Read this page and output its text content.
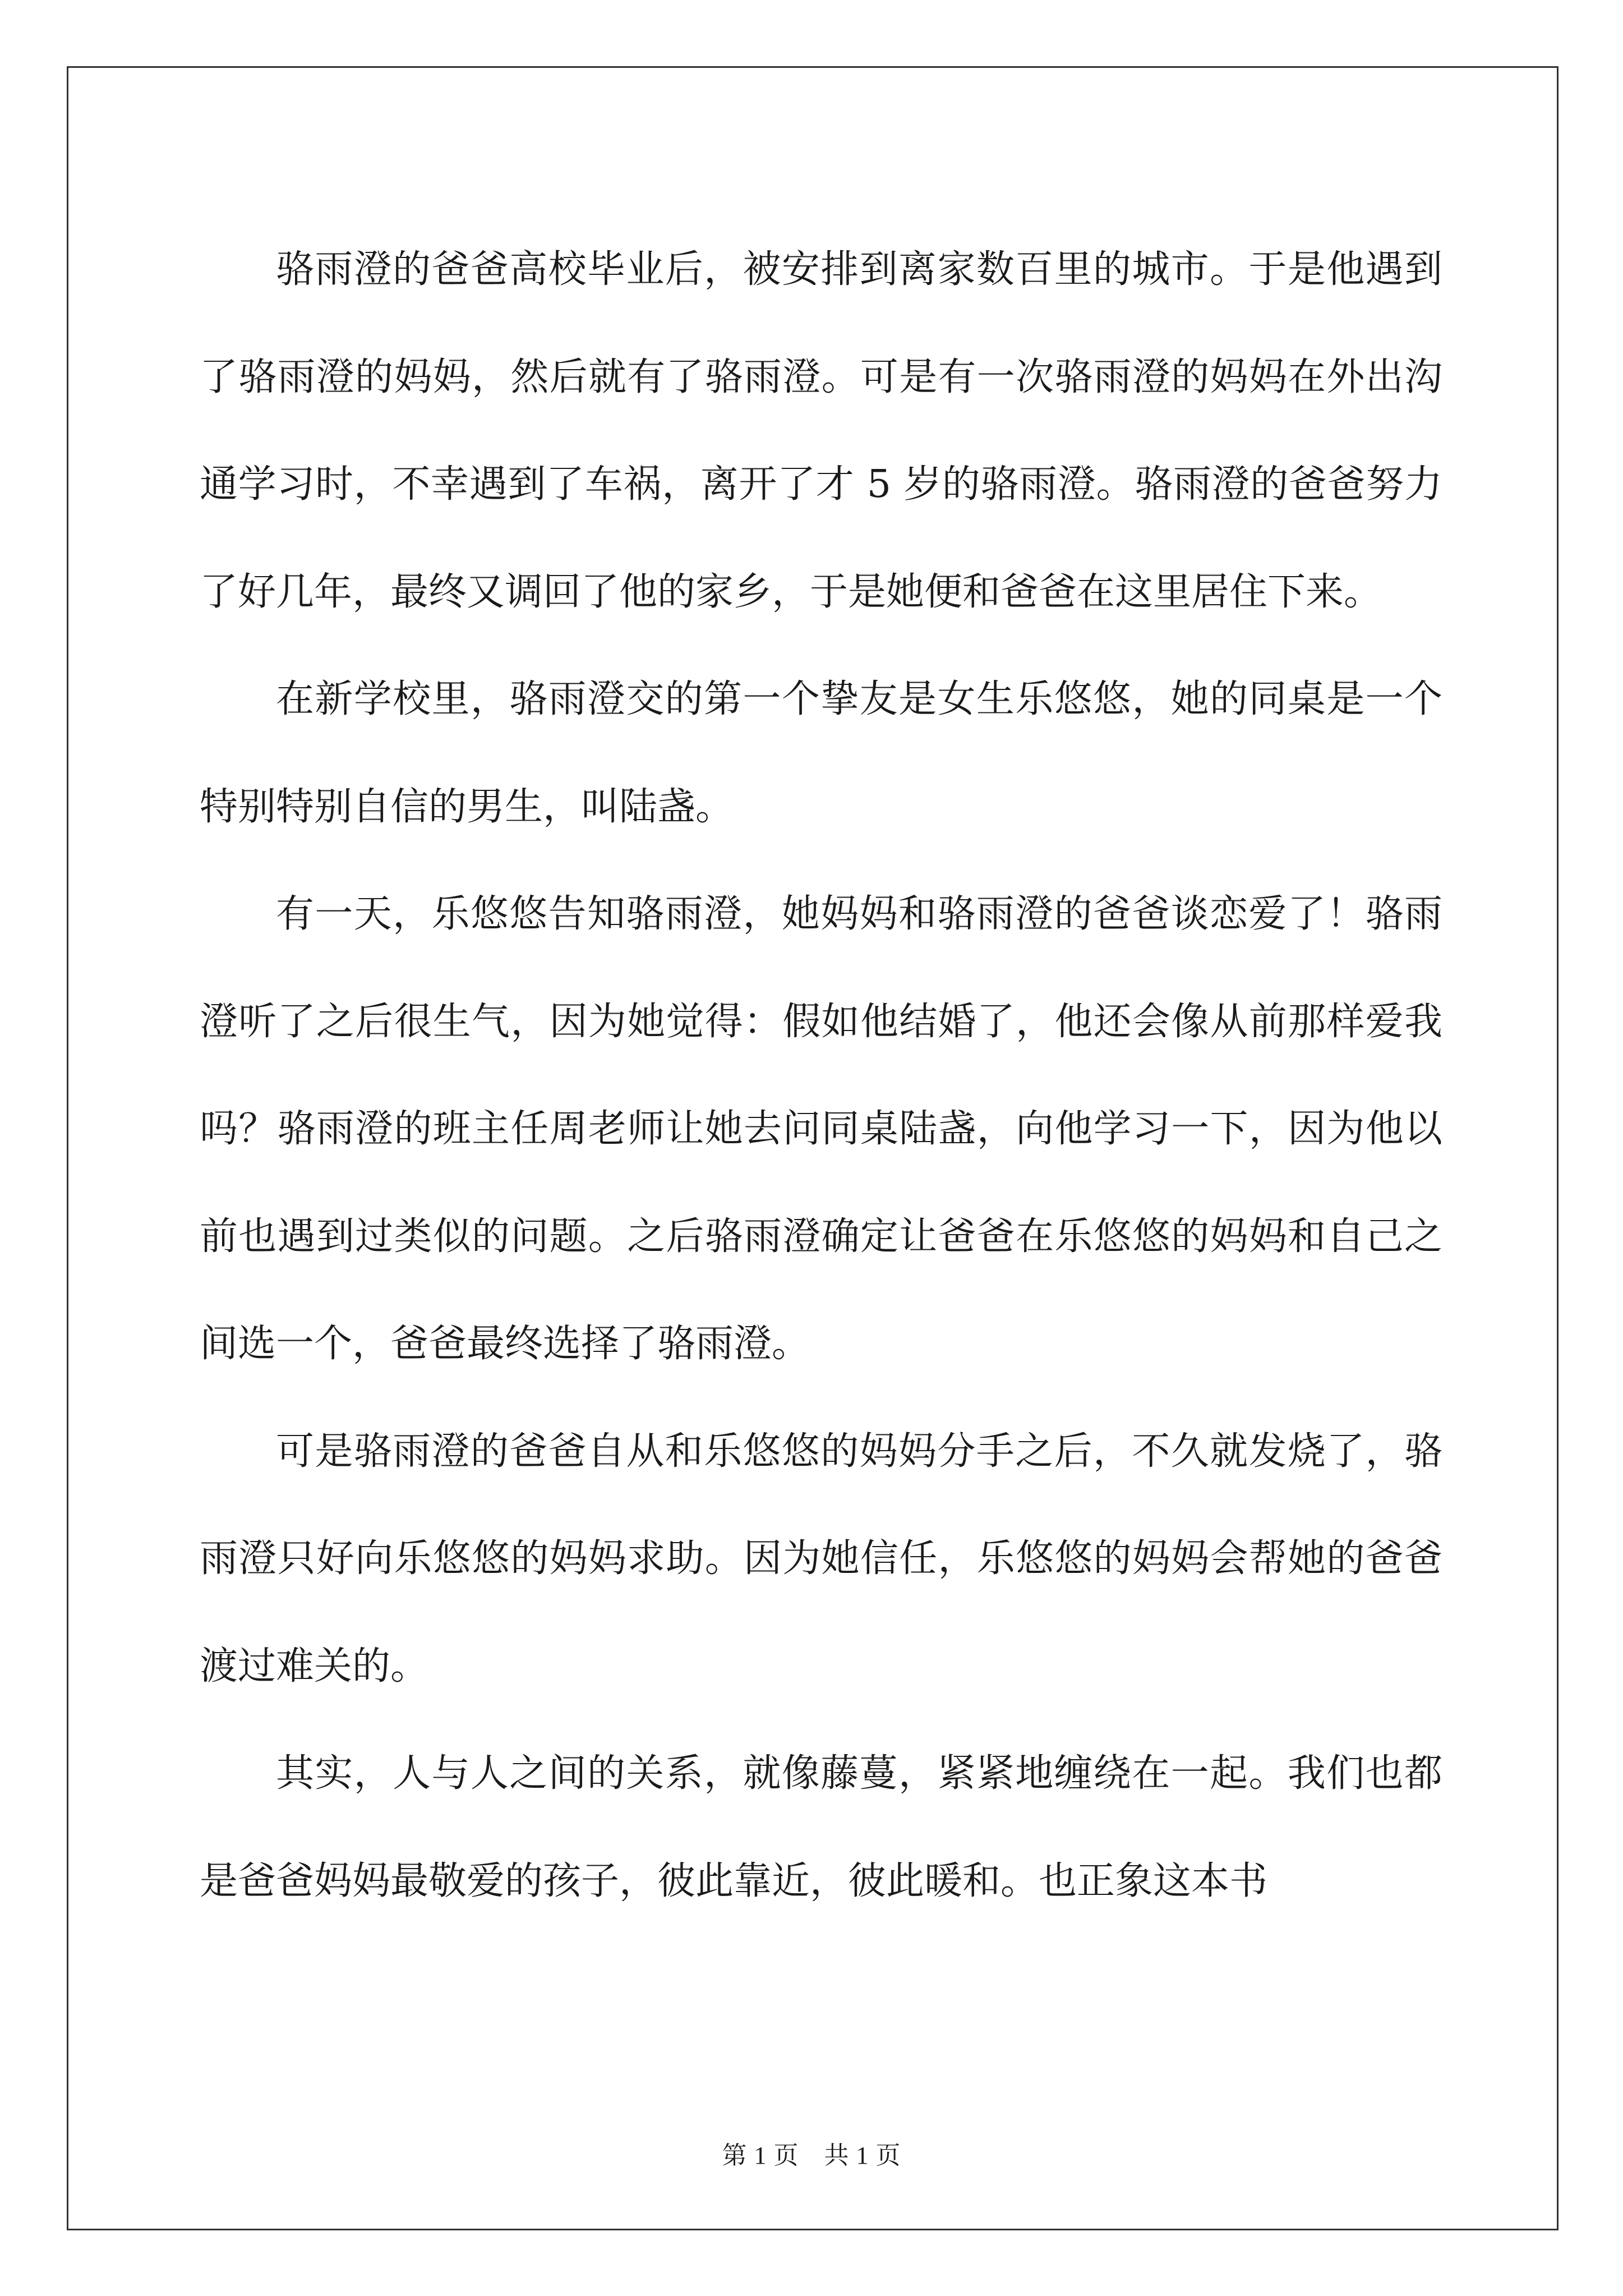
骆雨澄的爸爸高校毕业后，被安排到离家数百里的城市。于是他遇到了骆雨澄的妈妈，然后就有了骆雨澄。可是有一次骆雨澄的妈妈在外出沟通学习时，不幸遇到了车祸，离开了才 5 岁的骆雨澄。骆雨澄的爸爸努力了好几年，最终又调回了他的家乡，于是她便和爸爸在这里居住下来。

在新学校里，骆雨澄交的第一个挚友是女生乐悠悠，她的同桌是一个特别特别自信的男生，叫陆盏。

有一天，乐悠悠告知骆雨澄，她妈妈和骆雨澄的爸爸谈恋爱了！骆雨澄听了之后很生气，因为她觉得：假如他结婚了，他还会像从前那样爱我吗？骆雨澄的班主任周老师让她去问同桌陆盏，向他学习一下，因为他以前也遇到过类似的问题。之后骆雨澄确定让爸爸在乐悠悠的妈妈和自己之间选一个，爸爸最终选择了骆雨澄。

可是骆雨澄的爸爸自从和乐悠悠的妈妈分手之后，不久就发烧了，骆雨澄只好向乐悠悠的妈妈求助。因为她信任，乐悠悠的妈妈会帮她的爸爸渡过难关的。

其实，人与人之间的关系，就像藤蔓，紧紧地缠绕在一起。我们也都是爸爸妈妈最敬爱的孩子，彼此靠近，彼此暖和。也正象这本书

第 1 页　共 1 页
